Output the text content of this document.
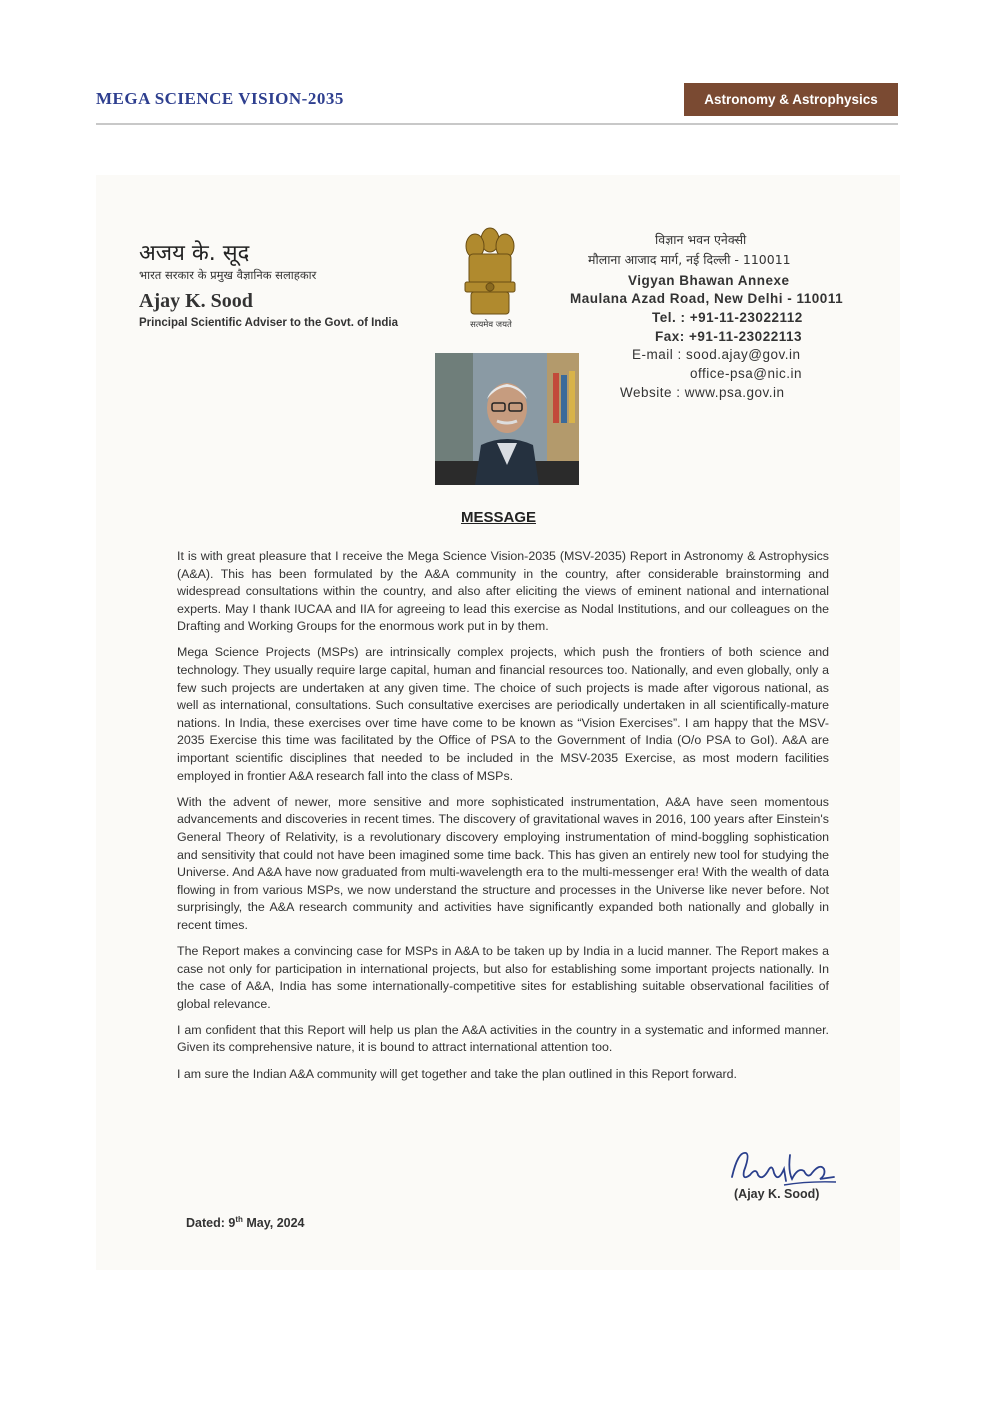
MEGA SCIENCE VISION-2035	Astronomy & Astrophysics
अजय के. सूद
भारत सरकार के प्रमुख वैज्ञानिक सलाहकार
Ajay K. Sood
Principal Scientific Adviser to the Govt. of India	सत्यमेव जयते
विज्ञान भवन एनेक्सी
मौलाना आजाद मार्ग, नई दिल्ली - 110011
Vigyan Bhawan Annexe
Maulana Azad Road, New Delhi - 110011
Tel. : +91-11-23022112
Fax: +91-11-23022113
E-mail : sood.ajay@gov.in
office-psa@nic.in
Website : www.psa.gov.in
MESSAGE

It is with great pleasure that I receive the Mega Science Vision-2035 (MSV-2035) Report in Astronomy & Astrophysics (A&A). This has been formulated by the A&A community in the country, after considerable brainstorming and widespread consultations within the country, and also after eliciting the views of eminent national and international experts. May I thank IUCAA and IIA for agreeing to lead this exercise as Nodal Institutions, and our colleagues on the Drafting and Working Groups for the enormous work put in by them.

Mega Science Projects (MSPs) are intrinsically complex projects, which push the frontiers of both science and technology. They usually require large capital, human and financial resources too. Nationally, and even globally, only a few such projects are undertaken at any given time. The choice of such projects is made after vigorous national, as well as international, consultations. Such consultative exercises are periodically undertaken in all scientifically-mature nations. In India, these exercises over time have come to be known as “Vision Exercises”. I am happy that the MSV-2035 Exercise this time was facilitated by the Office of PSA to the Government of India (O/o PSA to GoI). A&A are important scientific disciplines that needed to be included in the MSV-2035 Exercise, as most modern facilities employed in frontier A&A research fall into the class of MSPs.

With the advent of newer, more sensitive and more sophisticated instrumentation, A&A have seen momentous advancements and discoveries in recent times. The discovery of gravitational waves in 2016, 100 years after Einstein's General Theory of Relativity, is a revolutionary discovery employing instrumentation of mind-boggling sophistication and sensitivity that could not have been imagined some time back. This has given an entirely new tool for studying the Universe. And A&A have now graduated from multi-wavelength era to the multi-messenger era! With the wealth of data flowing in from various MSPs, we now understand the structure and processes in the Universe like never before. Not surprisingly, the A&A research community and activities have significantly expanded both nationally and globally in recent times.

The Report makes a convincing case for MSPs in A&A to be taken up by India in a lucid manner. The Report makes a case not only for participation in international projects, but also for establishing some important projects nationally. In the case of A&A, India has some internationally-competitive sites for establishing suitable observational facilities of global relevance.

I am confident that this Report will help us plan the A&A activities in the country in a systematic and informed manner. Given its comprehensive nature, it is bound to attract international attention too.

I am sure the Indian A&A community will get together and take the plan outlined in this Report forward.

(Ajay K. Sood)
Dated: 9th May, 2024
